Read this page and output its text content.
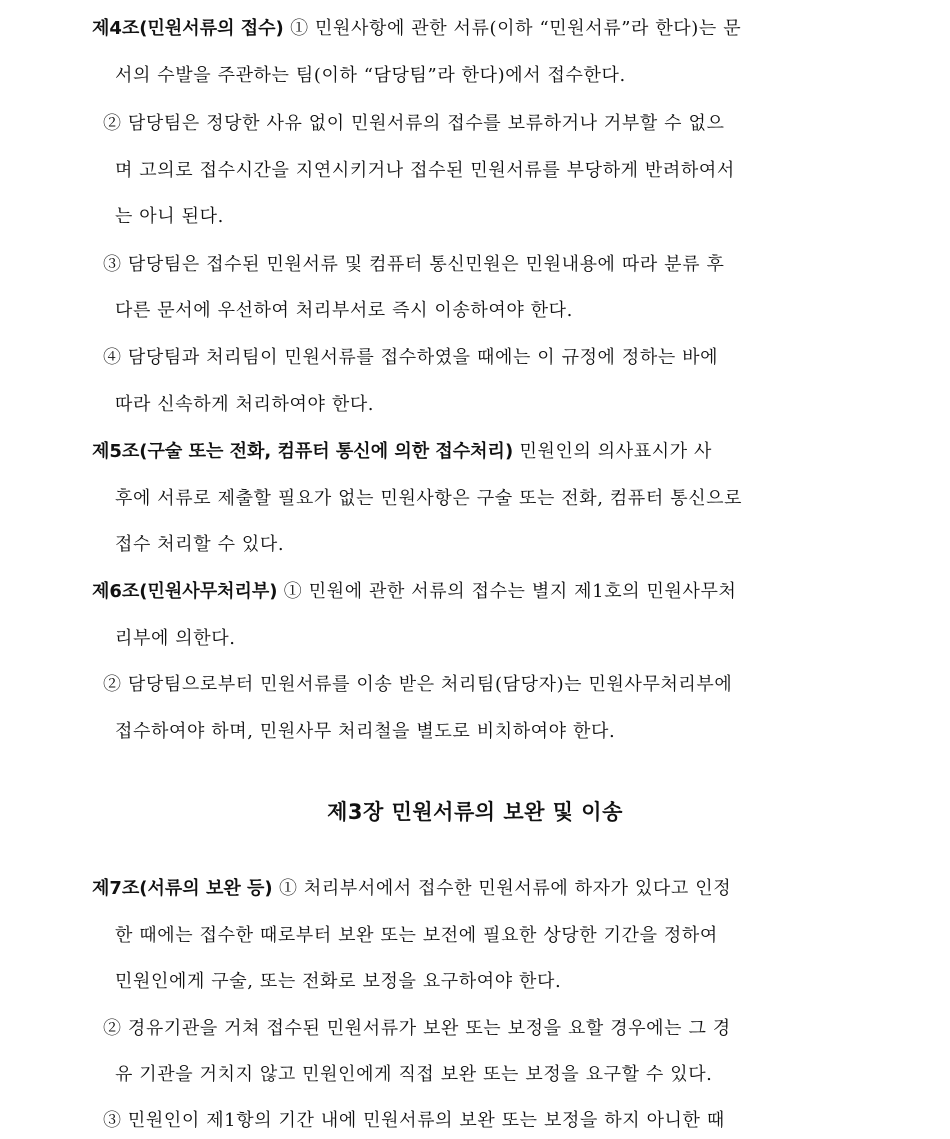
제4조(민원서류의 접수) ① 민원사항에 관한 서류(이하 “민원서류”라 한다)는 문
서의 수발을 주관하는 팀(이하 “담당팀”라 한다)에서 접수한다.
② 담당팀은 정당한 사유 없이 민원서류의 접수를 보류하거나 거부할 수 없으
며 고의로 접수시간을 지연시키거나 접수된 민원서류를 부당하게 반려하여서
는 아니 된다.
③ 담당팀은 접수된 민원서류 및 컴퓨터 통신민원은 민원내용에 따라 분류 후
다른 문서에 우선하여 처리부서로 즉시 이송하여야 한다.
④ 담당팀과 처리팀이 민원서류를 접수하였을 때에는 이 규정에 정하는 바에
따라 신속하게 처리하여야 한다.
제5조(구술 또는 전화, 컴퓨터 통신에 의한 접수처리) 민원인의 의사표시가 사
후에 서류로 제출할 필요가 없는 민원사항은 구술 또는 전화, 컴퓨터 통신으로
접수 처리할 수 있다.
제6조(민원사무처리부) ① 민원에 관한 서류의 접수는 별지 제1호의 민원사무처
리부에 의한다.
② 담당팀으로부터 민원서류를 이송 받은 처리팀(담당자)는 민원사무처리부에
접수하여야 하며, 민원사무 처리철을 별도로 비치하여야 한다.
제3장 민원서류의 보완 및 이송
제7조(서류의 보완 등) ① 처리부서에서 접수한 민원서류에 하자가 있다고 인정
한 때에는 접수한 때로부터 보완 또는 보전에 필요한 상당한 기간을 정하여
민원인에게 구술, 또는 전화로 보정을 요구하여야 한다.
② 경유기관을 거쳐 접수된 민원서류가 보완 또는 보정을 요할 경우에는 그 경
유 기관을 거치지 않고 민원인에게 직접 보완 또는 보정을 요구할 수 있다.
③ 민원인이 제1항의 기간 내에 민원서류의 보완 또는 보정을 하지 아니한 때
